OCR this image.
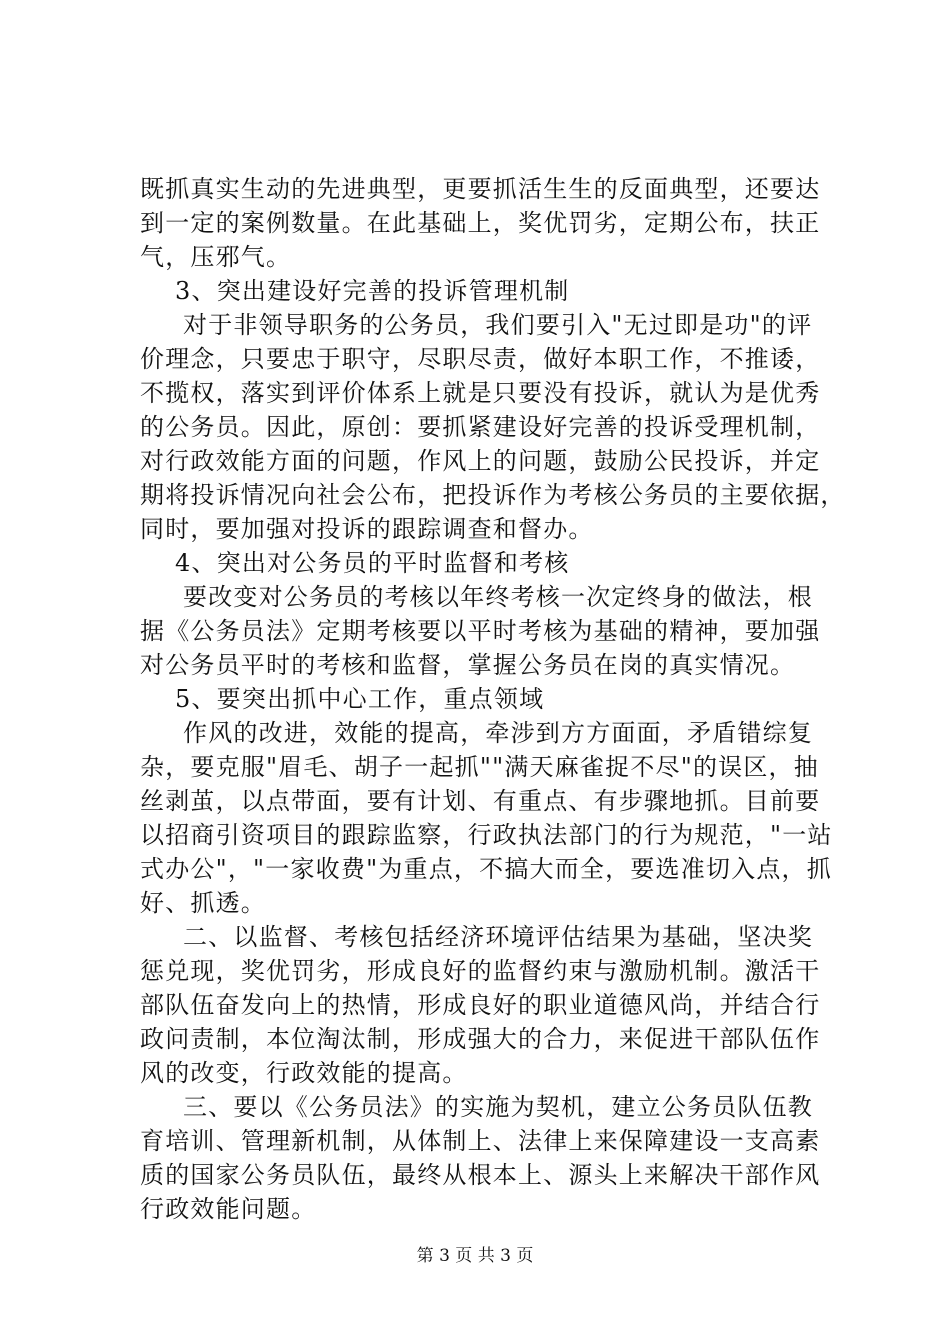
既抓真实生动的先进典型，更要抓活生生的反面典型，还要达
到一定的案例数量。在此基础上，奖优罚劣，定期公布，扶正
气，压邪气。
3、突出建设好完善的投诉管理机制
对于非领导职务的公务员，我们要引入"无过即是功"的评
价理念，只要忠于职守，尽职尽责，做好本职工作，不推诿，
不揽权，落实到评价体系上就是只要没有投诉，就认为是优秀
的公务员。因此，原创：要抓紧建设好完善的投诉受理机制，
对行政效能方面的问题，作风上的问题，鼓励公民投诉，并定
期将投诉情况向社会公布，把投诉作为考核公务员的主要依据，
同时，要加强对投诉的跟踪调查和督办。
4、突出对公务员的平时监督和考核
要改变对公务员的考核以年终考核一次定终身的做法，根
据《公务员法》定期考核要以平时考核为基础的精神，要加强
对公务员平时的考核和监督，掌握公务员在岗的真实情况。
5、要突出抓中心工作，重点领域
作风的改进，效能的提高，牵涉到方方面面，矛盾错综复
杂，要克服"眉毛、胡子一起抓""满天麻雀捉不尽"的误区，抽
丝剥茧，以点带面，要有计划、有重点、有步骤地抓。目前要
以招商引资项目的跟踪监察，行政执法部门的行为规范，"一站
式办公"，"一家收费"为重点，不搞大而全，要选准切入点，抓
好、抓透。
二、以监督、考核包括经济环境评估结果为基础，坚决奖
惩兑现，奖优罚劣，形成良好的监督约束与激励机制。激活干
部队伍奋发向上的热情，形成良好的职业道德风尚，并结合行
政问责制，本位淘汰制，形成强大的合力，来促进干部队伍作
风的改变，行政效能的提高。
三、要以《公务员法》的实施为契机，建立公务员队伍教
育培训、管理新机制，从体制上、法律上来保障建设一支高素
质的国家公务员队伍，最终从根本上、源头上来解决干部作风
行政效能问题。
第 3 页 共 3 页
